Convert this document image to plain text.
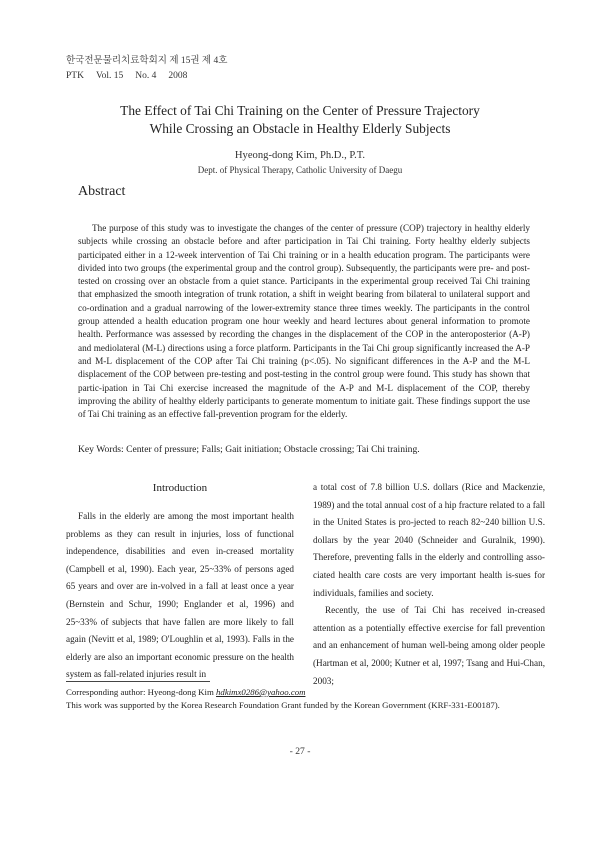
한국전문물리치료학회지 제 15권 제 4호
PTK Vol. 15 No. 4 2008
The Effect of Tai Chi Training on the Center of Pressure Trajectory
While Crossing an Obstacle in Healthy Elderly Subjects
Hyeong-dong Kim, Ph.D., P.T.
Dept. of Physical Therapy, Catholic University of Daegu
Abstract

The purpose of this study was to investigate the changes of the center of pressure (COP) trajectory in healthy elderly subjects while crossing an obstacle before and after participation in Tai Chi training. Forty healthy elderly subjects participated either in a 12-week intervention of Tai Chi training or in a health education program. The participants were divided into two groups (the experimental group and the control group). Subsequently, the participants were pre- and post-tested on crossing over an obstacle from a quiet stance. Participants in the experimental group received Tai Chi training that emphasized the smooth integration of trunk rotation, a shift in weight bearing from bilateral to unilateral support and co-ordination and a gradual narrowing of the lower-extremity stance three times weekly. The participants in the control group attended a health education program one hour weekly and heard lectures about general information to promote health. Performance was assessed by recording the changes in the displacement of the COP in the anteroposterior (A-P) and mediolateral (M-L) directions using a force platform. Participants in the Tai Chi group significantly increased the A-P and M-L displacement of the COP after Tai Chi training (p<.05). No significant differences in the A-P and the M-L displacement of the COP between pre-testing and post-testing in the control group were found. This study has shown that partic-ipation in Tai Chi exercise increased the magnitude of the A-P and M-L displacement of the COP, thereby improving the ability of healthy elderly participants to generate momentum to initiate gait. These findings support the use of Tai Chi training as an effective fall-prevention program for the elderly.

Key Words: Center of pressure; Falls; Gait initiation; Obstacle crossing; Tai Chi training.
Introduction

Falls in the elderly are among the most important health problems as they can result in injuries, loss of functional independence, disabilities and even in-creased mortality (Campbell et al, 1990). Each year, 25~33% of persons aged 65 years and over are in-volved in a fall at least once a year (Bernstein and Schur, 1990; Englander et al, 1996) and 25~33% of subjects that have fallen are more likely to fall again (Nevitt et al, 1989; O'Loughlin et al, 1993). Falls in the elderly are also an important economic pressure on the health system as fall-related injuries result in

a total cost of 7.8 billion U.S. dollars (Rice and Mackenzie, 1989) and the total annual cost of a hip fracture related to a fall in the United States is pro-jected to reach 82~240 billion U.S. dollars by the year 2040 (Schneider and Guralnik, 1990). Therefore, preventing falls in the elderly and controlling asso-ciated health care costs are very important health is-sues for individuals, families and society.

Recently, the use of Tai Chi has received in-creased attention as a potentially effective exercise for fall prevention and an enhancement of human well-being among older people (Hartman et al, 2000; Kutner et al, 1997; Tsang and Hui-Chan, 2003;

Corresponding author: Hyeong-dong Kim hdkimx0286@yahoo.com
This work was supported by the Korea Research Foundation Grant funded by the Korean Government (KRF-331-E00187).
- 27 -
